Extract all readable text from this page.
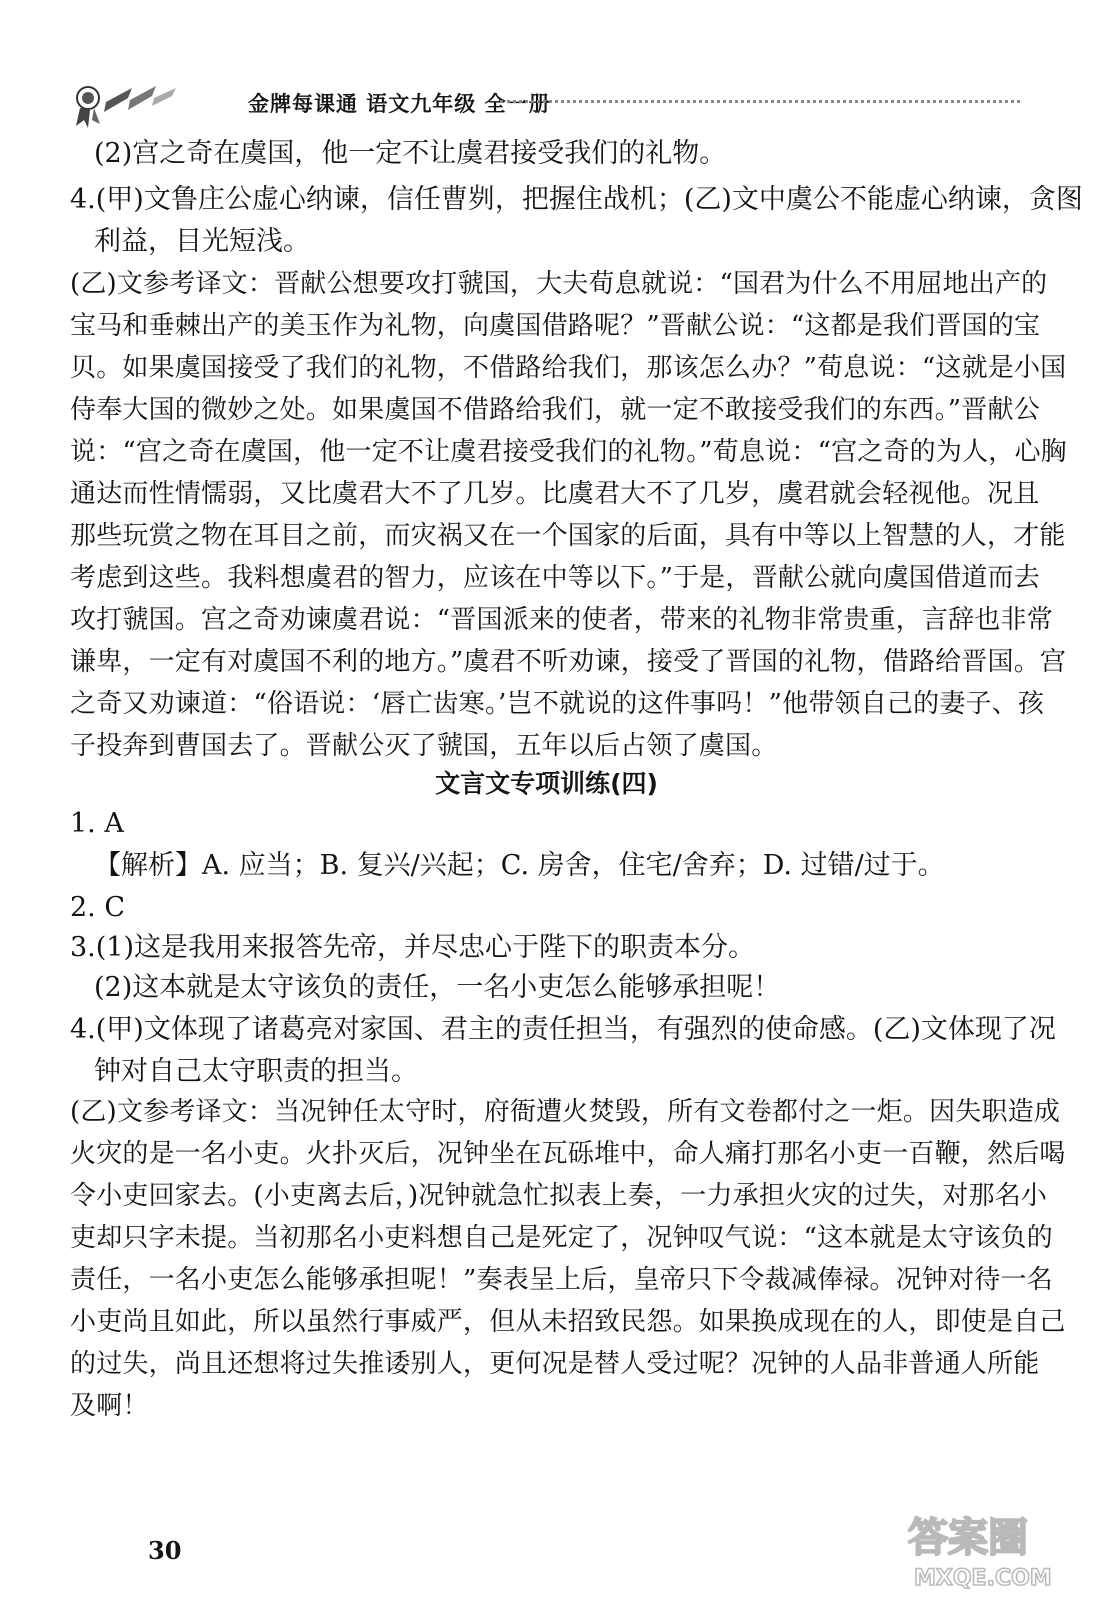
金牌每课通 语文九年级 全一册
(2)宫之奇在虞国，他一定不让虞君接受我们的礼物。
4.(甲)文鲁庄公虚心纳谏，信任曹刿，把握住战机；(乙)文中虞公不能虚心纳谏，贪图
利益，目光短浅。
(乙)文参考译文：晋献公想要攻打虢国，大夫荀息就说：“国君为什么不用屈地出产的
宝马和垂棘出产的美玉作为礼物，向虞国借路呢？”晋献公说：“这都是我们晋国的宝
贝。如果虞国接受了我们的礼物，不借路给我们，那该怎么办？”荀息说：“这就是小国
侍奉大国的微妙之处。如果虞国不借路给我们，就一定不敢接受我们的东西。”晋献公
说：“宫之奇在虞国，他一定不让虞君接受我们的礼物。”荀息说：“宫之奇的为人，心胸
通达而性情懦弱，又比虞君大不了几岁。比虞君大不了几岁，虞君就会轻视他。况且
那些玩赏之物在耳目之前，而灾祸又在一个国家的后面，具有中等以上智慧的人，才能
考虑到这些。我料想虞君的智力，应该在中等以下。”于是，晋献公就向虞国借道而去
攻打虢国。宫之奇劝谏虞君说：“晋国派来的使者，带来的礼物非常贵重，言辞也非常
谦卑，一定有对虞国不利的地方。”虞君不听劝谏，接受了晋国的礼物，借路给晋国。宫
之奇又劝谏道：“俗语说：‘唇亡齿寒。’岂不就说的这件事吗！”他带领自己的妻子、孩
子投奔到曹国去了。晋献公灭了虢国，五年以后占领了虞国。
文言文专项训练(四)
1. A
【解析】A. 应当；B. 复兴/兴起；C. 房舍，住宅/舍弃；D. 过错/过于。
2. C
3.(1)这是我用来报答先帝，并尽忠心于陛下的职责本分。
(2)这本就是太守该负的责任，一名小吏怎么能够承担呢！
4.(甲)文体现了诸葛亮对家国、君主的责任担当，有强烈的使命感。(乙)文体现了况
钟对自己太守职责的担当。
(乙)文参考译文：当况钟任太守时，府衙遭火焚毁，所有文卷都付之一炬。因失职造成
火灾的是一名小吏。火扑灭后，况钟坐在瓦砾堆中，命人痛打那名小吏一百鞭，然后喝
令小吏回家去。(小吏离去后，)况钟就急忙拟表上奏，一力承担火灾的过失，对那名小
吏却只字未提。当初那名小吏料想自己是死定了，况钟叹气说：“这本就是太守该负的
责任，一名小吏怎么能够承担呢！”奏表呈上后，皇帝只下令裁减俸禄。况钟对待一名
小吏尚且如此，所以虽然行事威严，但从未招致民怨。如果换成现在的人，即使是自己
的过失，尚且还想将过失推诿别人，更何况是替人受过呢？况钟的人品非普通人所能
及啊！
30	答案圈
MXQE.COM
